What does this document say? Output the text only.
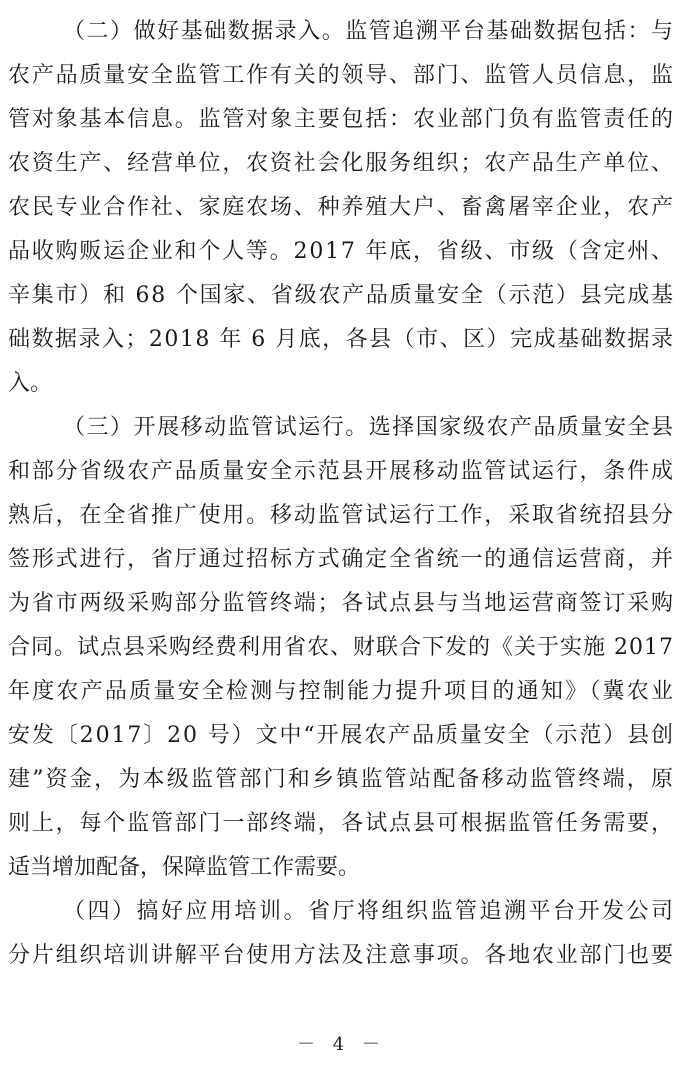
（二）做好基础数据录入。监管追溯平台基础数据包括：与
农产品质量安全监管工作有关的领导、部门、监管人员信息，监
管对象基本信息。监管对象主要包括：农业部门负有监管责任的
农资生产、经营单位，农资社会化服务组织；农产品生产单位、
农民专业合作社、家庭农场、种养殖大户、畜禽屠宰企业，农产
品收购贩运企业和个人等。2017 年底，省级、市级（含定州、
辛集市）和 68 个国家、省级农产品质量安全（示范）县完成基
础数据录入；2018 年 6 月底，各县（市、区）完成基础数据录
入。
（三）开展移动监管试运行。选择国家级农产品质量安全县
和部分省级农产品质量安全示范县开展移动监管试运行，条件成
熟后，在全省推广使用。移动监管试运行工作，采取省统招县分
签形式进行，省厅通过招标方式确定全省统一的通信运营商，并
为省市两级采购部分监管终端；各试点县与当地运营商签订采购
合同。试点县采购经费利用省农、财联合下发的《关于实施 2017
年度农产品质量安全检测与控制能力提升项目的通知》（冀农业
安发〔2017〕20 号）文中“开展农产品质量安全（示范）县创
建”资金，为本级监管部门和乡镇监管站配备移动监管终端，原
则上，每个监管部门一部终端，各试点县可根据监管任务需要，
适当增加配备，保障监管工作需要。
（四）搞好应用培训。省厅将组织监管追溯平台开发公司
分片组织培训讲解平台使用方法及注意事项。各地农业部门也要
－ 4 －
